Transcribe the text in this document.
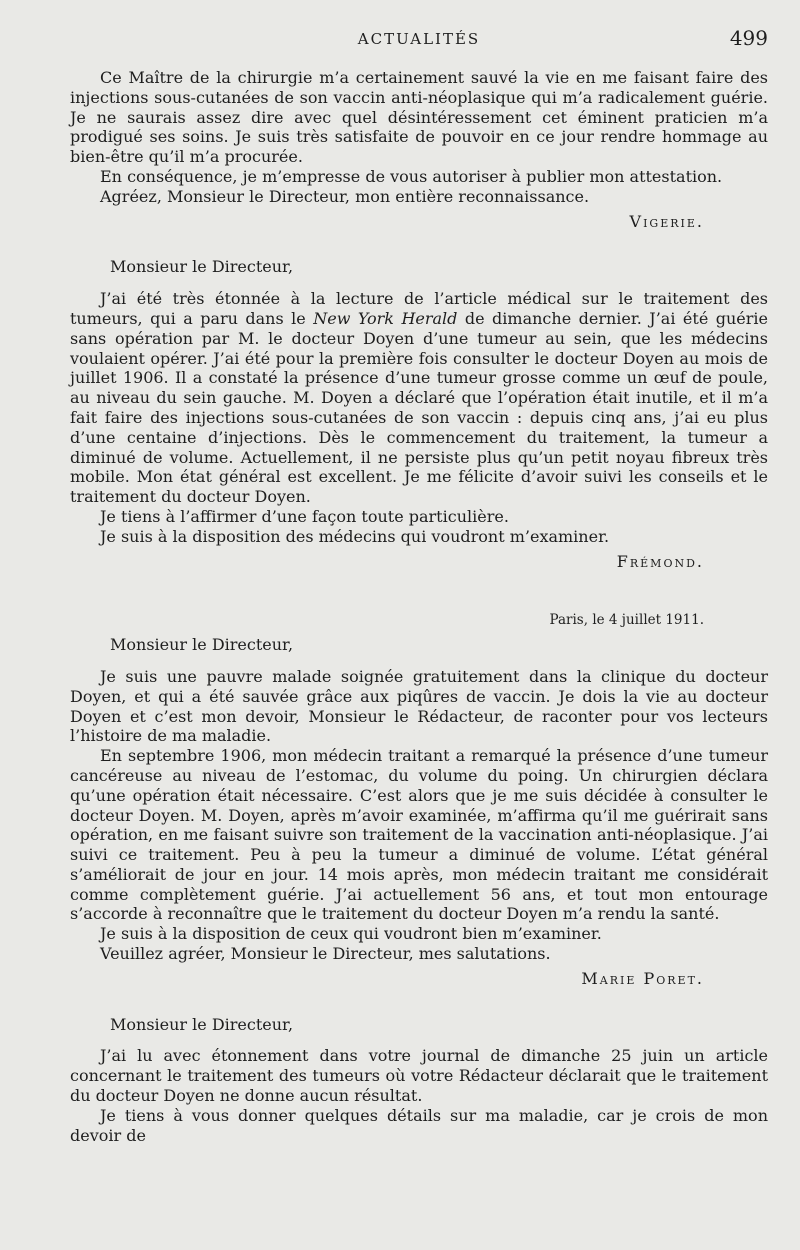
ACTUALITÉS	499

Ce Maître de la chirurgie m’a certainement sauvé la vie en me faisant faire des injections sous-cutanées de son vaccin anti-néoplasique qui m’a radicalement guérie. Je ne saurais assez dire avec quel désintéressement cet éminent praticien m’a prodigué ses soins. Je suis très satisfaite de pouvoir en ce jour rendre hommage au bien-être qu’il m’a procurée.

En conséquence, je m’empresse de vous autoriser à publier mon attestation.

Agréez, Monsieur le Directeur, mon entière reconnaissance.

Vigerie.

Monsieur le Directeur,

J’ai été très étonnée à la lecture de l’article médical sur le traitement des tumeurs, qui a paru dans le New York Herald de dimanche dernier. J’ai été guérie sans opération par M. le docteur Doyen d’une tumeur au sein, que les médecins voulaient opérer. J’ai été pour la première fois consulter le docteur Doyen au mois de juillet 1906. Il a constaté la présence d’une tumeur grosse comme un œuf de poule, au niveau du sein gauche. M. Doyen a déclaré que l’opération était inutile, et il m’a fait faire des injections sous-cutanées de son vaccin : depuis cinq ans, j’ai eu plus d’une centaine d’injections. Dès le commencement du traitement, la tumeur a diminué de volume. Actuellement, il ne persiste plus qu’un petit noyau fibreux très mobile. Mon état général est excellent. Je me félicite d’avoir suivi les conseils et le traitement du docteur Doyen.

Je tiens à l’affirmer d’une façon toute particulière.

Je suis à la disposition des médecins qui voudront m’examiner.

Frémond.

Paris, le 4 juillet 1911.

Monsieur le Directeur,

Je suis une pauvre malade soignée gratuitement dans la clinique du docteur Doyen, et qui a été sauvée grâce aux piqûres de vaccin. Je dois la vie au docteur Doyen et c’est mon devoir, Monsieur le Rédacteur, de raconter pour vos lecteurs l’histoire de ma maladie.

En septembre 1906, mon médecin traitant a remarqué la présence d’une tumeur cancéreuse au niveau de l’estomac, du volume du poing. Un chirurgien déclara qu’une opération était nécessaire. C’est alors que je me suis décidée à consulter le docteur Doyen. M. Doyen, après m’avoir examinée, m’affirma qu’il me guérirait sans opération, en me faisant suivre son traitement de la vaccination anti-néoplasique. J’ai suivi ce traitement. Peu à peu la tumeur a diminué de volume. L’état général s’améliorait de jour en jour. 14 mois après, mon médecin traitant me considérait comme complètement guérie. J’ai actuellement 56 ans, et tout mon entourage s’accorde à reconnaître que le traitement du docteur Doyen m’a rendu la santé.

Je suis à la disposition de ceux qui voudront bien m’examiner.

Veuillez agréer, Monsieur le Directeur, mes salutations.

Marie Poret.

Monsieur le Directeur,

J’ai lu avec étonnement dans votre journal de dimanche 25 juin un article concernant le traitement des tumeurs où votre Rédacteur déclarait que le traitement du docteur Doyen ne donne aucun résultat.

Je tiens à vous donner quelques détails sur ma maladie, car je crois de mon devoir de
